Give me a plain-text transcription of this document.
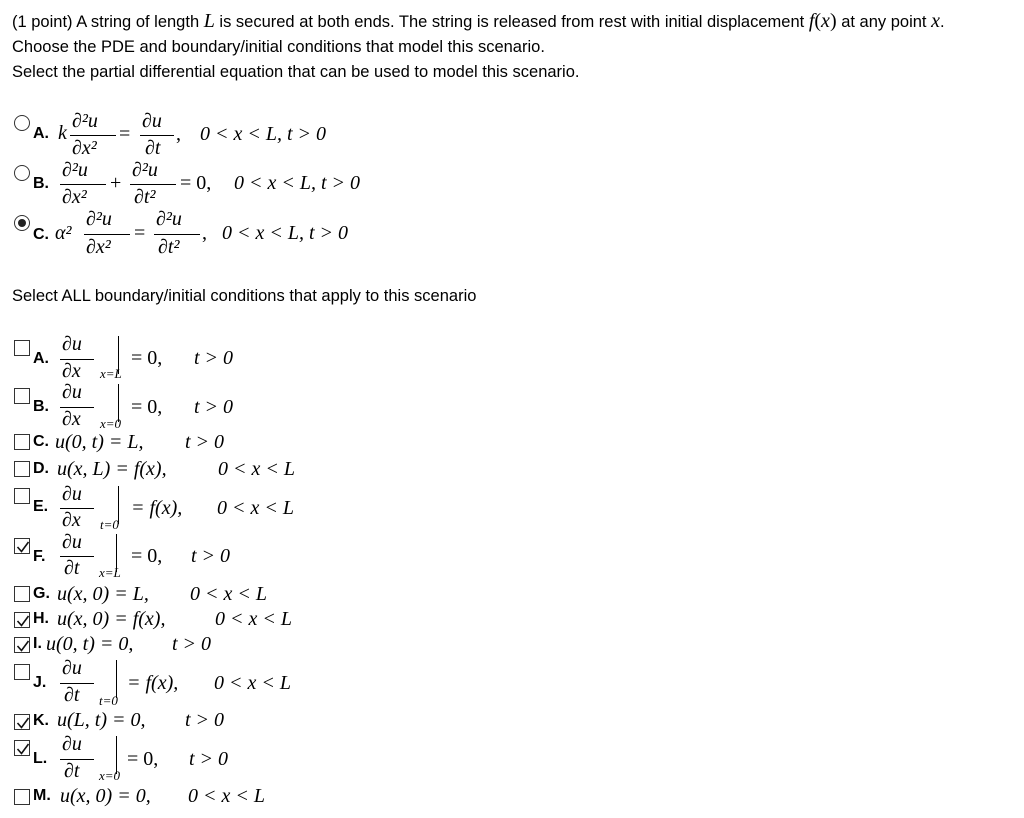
(1 point) A string of length L is secured at both ends. The string is released from rest with initial displacement f(x) at any point x.
Choose the PDE and boundary/initial conditions that model this scenario.
Select the partial differential equation that can be used to model this scenario.
A. k
∂²u
∂x²
=
∂u
∂t
, 0 < x < L, t > 0
B.
∂²u
∂x²
+
∂²u
∂t²
= 0, 0 < x < L, t > 0
C. α²
∂²u
∂x²
=
∂²u
∂t²
, 0 < x < L, t > 0
Select ALL boundary/initial conditions that apply to this scenario
A.
∂u
∂x x=L
= 0, t > 0
B.
∂u
∂x x=0
= 0, t > 0
C. u(0, t) = L, t > 0
D. u(x, L) = f(x),	0 < x < L
E.
∂u
∂x t=0
= f(x), 0 < x < L
F.
∂u
∂t x=L
= 0, t > 0
G. u(x, 0) = L, 0 < x < L
H. u(x, 0) = f(x), 0 < x < L
I. u(0, t) = 0, t > 0
J.
∂u
∂t t=0
= f(x), 0 < x < L
K. u(L, t) = 0, t > 0
L.
∂u
∂t x=0
= 0, t > 0
M. u(x, 0) = 0, 0 < x < L
